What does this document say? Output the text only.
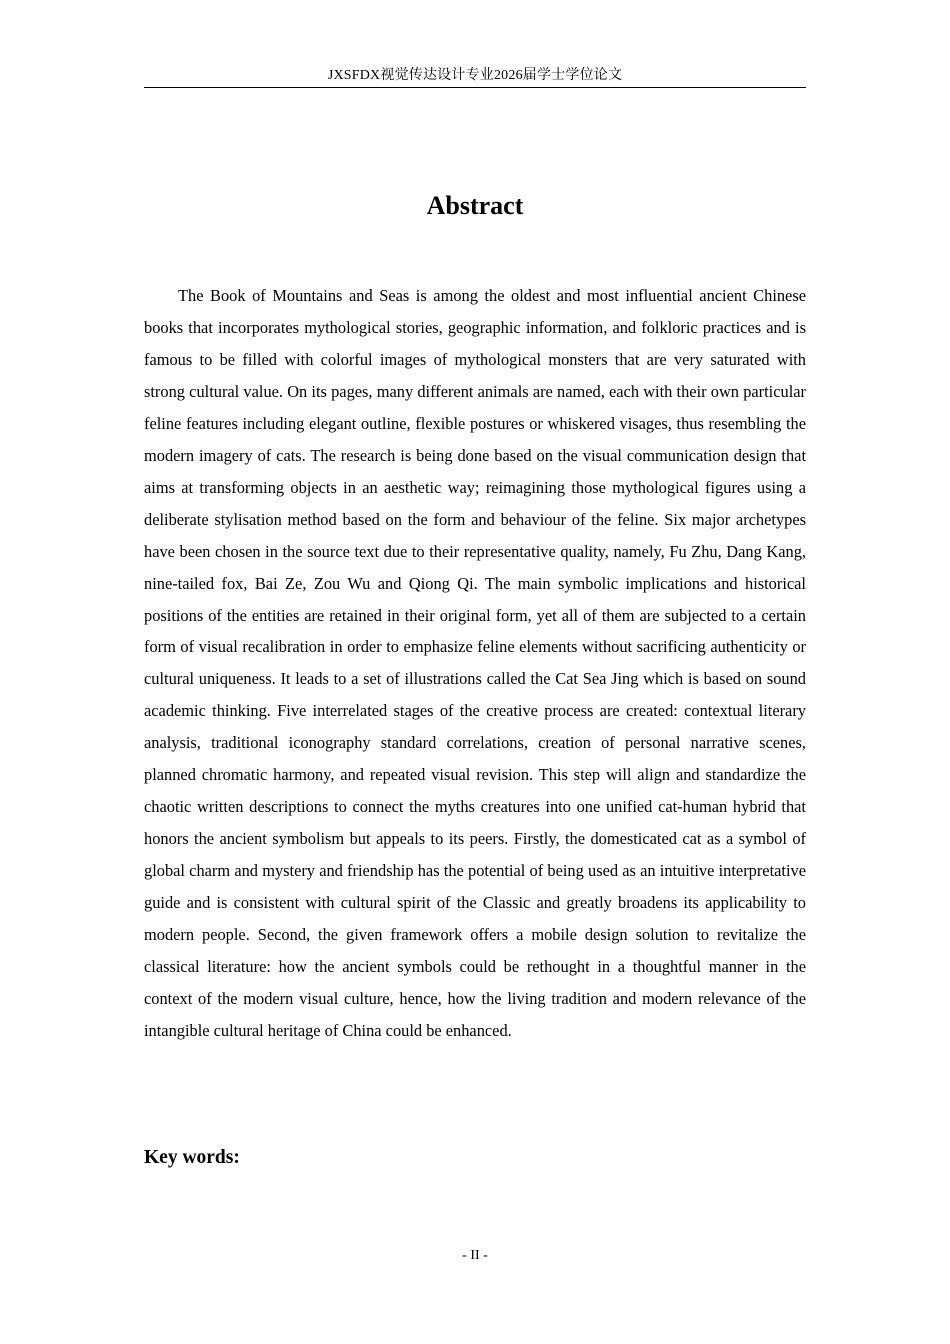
JXSFDX视觉传达设计专业2026届学士学位论文
Abstract

The Book of Mountains and Seas is among the oldest and most influential ancient Chinese books that incorporates mythological stories, geographic information, and folkloric practices and is famous to be filled with colorful images of mythological monsters that are very saturated with strong cultural value. On its pages, many different animals are named, each with their own particular feline features including elegant outline, flexible postures or whiskered visages, thus resembling the modern imagery of cats. The research is being done based on the visual communication design that aims at transforming objects in an aesthetic way; reimagining those mythological figures using a deliberate stylisation method based on the form and behaviour of the feline. Six major archetypes have been chosen in the source text due to their representative quality, namely, Fu Zhu, Dang Kang, nine-tailed fox, Bai Ze, Zou Wu and Qiong Qi. The main symbolic implications and historical positions of the entities are retained in their original form, yet all of them are subjected to a certain form of visual recalibration in order to emphasize feline elements without sacrificing authenticity or cultural uniqueness. It leads to a set of illustrations called the Cat Sea Jing which is based on sound academic thinking. Five interrelated stages of the creative process are created: contextual literary analysis, traditional iconography standard correlations, creation of personal narrative scenes, planned chromatic harmony, and repeated visual revision. This step will align and standardize the chaotic written descriptions to connect the myths creatures into one unified cat-human hybrid that honors the ancient symbolism but appeals to its peers. Firstly, the domesticated cat as a symbol of global charm and mystery and friendship has the potential of being used as an intuitive interpretative guide and is consistent with cultural spirit of the Classic and greatly broadens its applicability to modern people. Second, the given framework offers a mobile design solution to revitalize the classical literature: how the ancient symbols could be rethought in a thoughtful manner in the context of the modern visual culture, hence, how the living tradition and modern relevance of the intangible cultural heritage of China could be enhanced.

Key words:
- II -
